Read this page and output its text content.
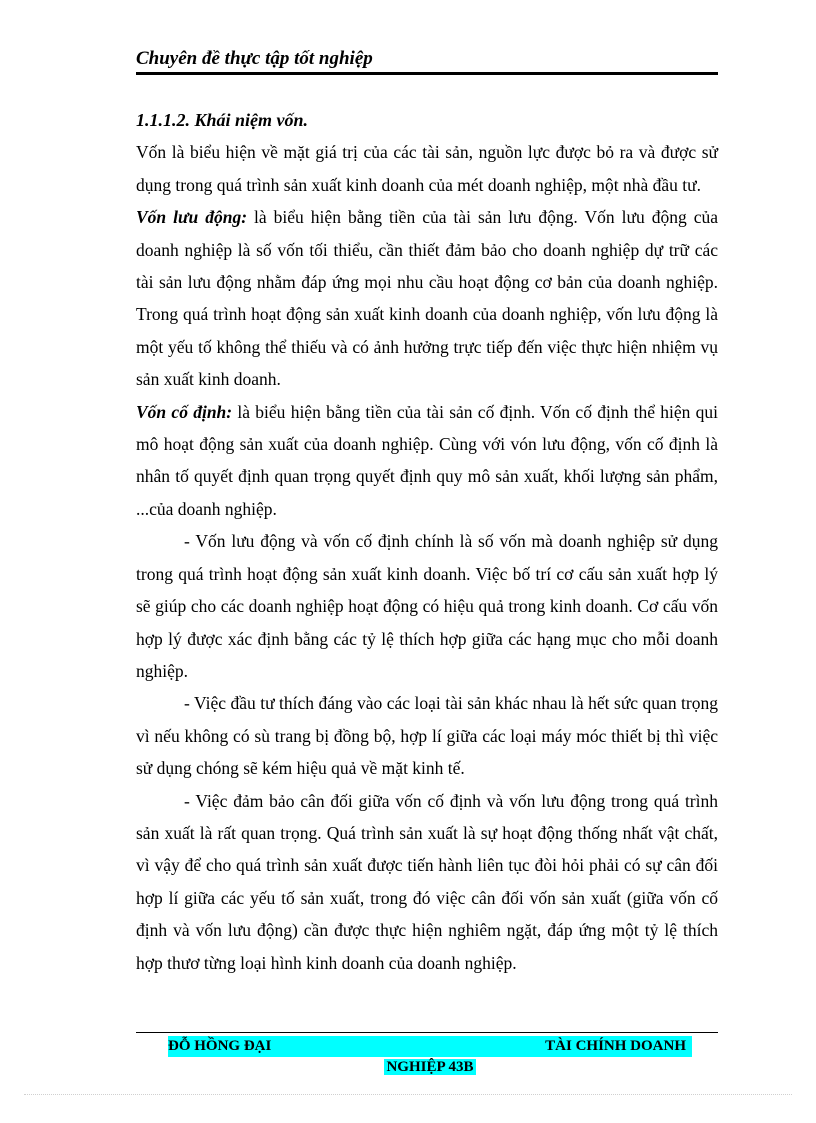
Chuyên đề thực tập tốt nghiệp

1.1.1.2. Khái niệm vốn.

Vốn là biểu hiện về mặt giá trị của các tài sản, nguồn lực được bỏ ra và được sử dụng trong quá trình sản xuất kinh doanh của mét doanh nghiệp, một nhà đầu tư.

Vốn lưu động: là biểu hiện bằng tiền của tài sản lưu động. Vốn lưu động của doanh nghiệp là số vốn tối thiểu, cần thiết đảm bảo cho doanh nghiệp dự trữ các tài sản lưu động nhằm đáp ứng mọi nhu cầu hoạt động cơ bản của doanh nghiệp. Trong quá trình hoạt động sản xuất kinh doanh của doanh nghiệp, vốn lưu động là một yếu tố không thể thiếu và có ảnh hưởng trực tiếp đến việc thực hiện nhiệm vụ sản xuất kinh doanh.

Vốn cố định: là biểu hiện bằng tiền của tài sản cố định. Vốn cố định thể hiện qui mô hoạt động sản xuất của doanh nghiệp. Cùng với vón lưu động, vốn cố định là nhân tố quyết định quan trọng quyết định quy mô sản xuất, khối lượng sản phẩm, ...của doanh nghiệp.

- Vốn lưu động và vốn cố định chính là số vốn mà doanh nghiệp sử dụng trong quá trình hoạt động sản xuất kinh doanh. Việc bố trí cơ cấu sản xuất hợp lý sẽ giúp cho các doanh nghiệp hoạt động có hiệu quả trong kinh doanh. Cơ cấu vốn hợp lý được xác định bằng các tỷ lệ thích hợp giữa các hạng mục cho mỗi doanh nghiệp.

- Việc đầu tư thích đáng vào các loại tài sản khác nhau là hết sức quan trọng vì nếu không có sù trang bị đồng bộ, hợp lí giữa các loại máy móc thiết bị thì việc sử dụng chóng sẽ kém hiệu quả về mặt kinh tế.

- Việc đảm bảo cân đối giữa vốn cố định và vốn lưu động trong quá trình sản xuất là rất quan trọng. Quá trình sản xuất là sự hoạt động thống nhất vật chất, vì vậy để cho quá trình sản xuất được tiến hành liên tục đòi hỏi phải có sự cân đối hợp lí giữa các yếu tố sản xuất, trong đó việc cân đối vốn sản xuất (giữa vốn cố định và vốn lưu động) cần được thực hiện nghiêm ngặt, đáp ứng một tỷ lệ thích hợp thươ từng loại hình kinh doanh của doanh nghiệp.

ĐỖ HỒNG ĐẠI	TÀI CHÍNH DOANH
NGHIỆP 43B
